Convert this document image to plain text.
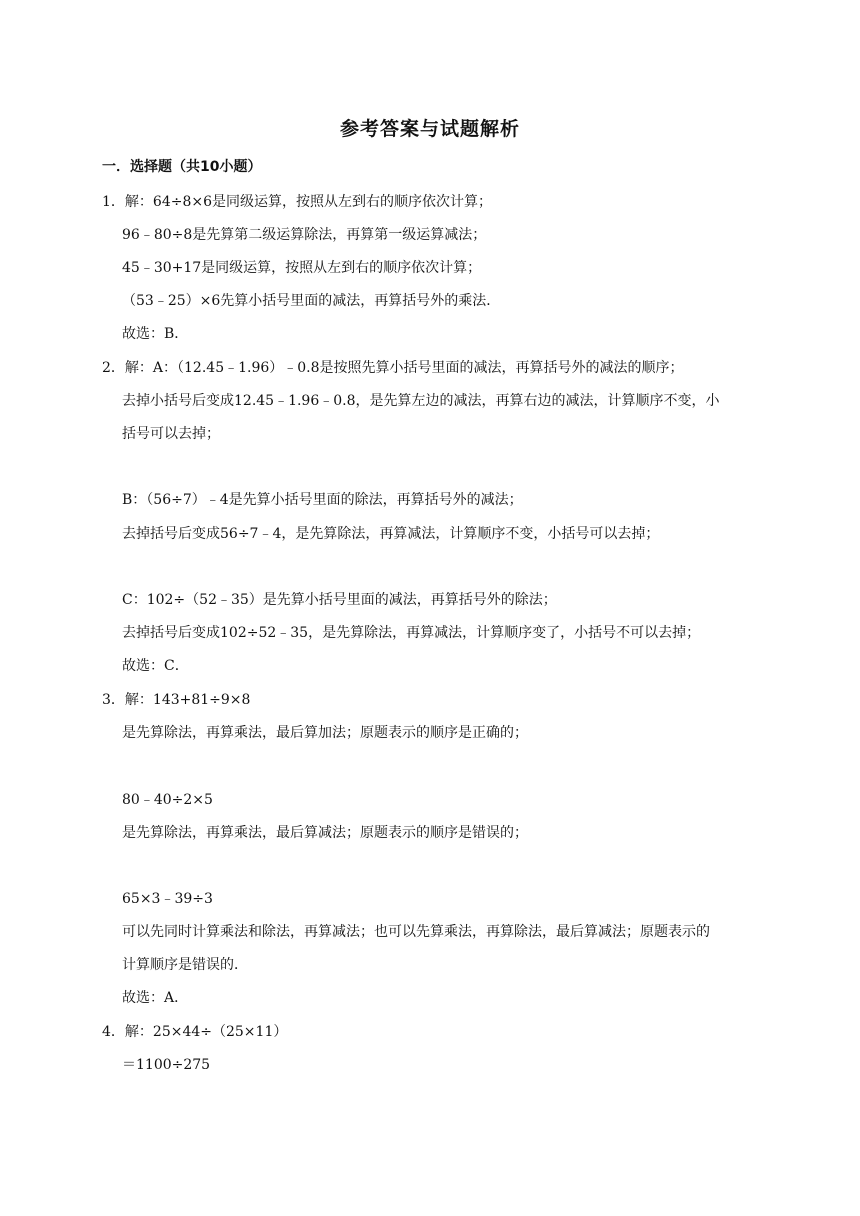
参考答案与试题解析
一．选择题（共10小题）
1．解：64÷8×6是同级运算，按照从左到右的顺序依次计算；
96﹣80÷8是先算第二级运算除法，再算第一级运算减法；
45﹣30+17是同级运算，按照从左到右的顺序依次计算；
（53﹣25）×6先算小括号里面的减法，再算括号外的乘法．
故选：B．
2．解：A：（12.45﹣1.96）﹣0.8是按照先算小括号里面的减法，再算括号外的减法的顺序；
去掉小括号后变成12.45﹣1.96﹣0.8，是先算左边的减法，再算右边的减法，计算顺序不变，小
括号可以去掉；
B：（56÷7）﹣4是先算小括号里面的除法，再算括号外的减法；
去掉括号后变成56÷7﹣4，是先算除法，再算减法，计算顺序不变，小括号可以去掉；
C：102÷（52﹣35）是先算小括号里面的减法，再算括号外的除法；
去掉括号后变成102÷52﹣35，是先算除法，再算减法，计算顺序变了，小括号不可以去掉；
故选：C．
3．解：143+81÷9×8
是先算除法，再算乘法，最后算加法；原题表示的顺序是正确的；
80﹣40÷2×5
是先算除法，再算乘法，最后算减法；原题表示的顺序是错误的；
65×3﹣39÷3
可以先同时计算乘法和除法，再算减法；也可以先算乘法，再算除法，最后算减法；原题表示的
计算顺序是错误的．
故选：A．
4．解：25×44÷（25×11）
＝1100÷275
